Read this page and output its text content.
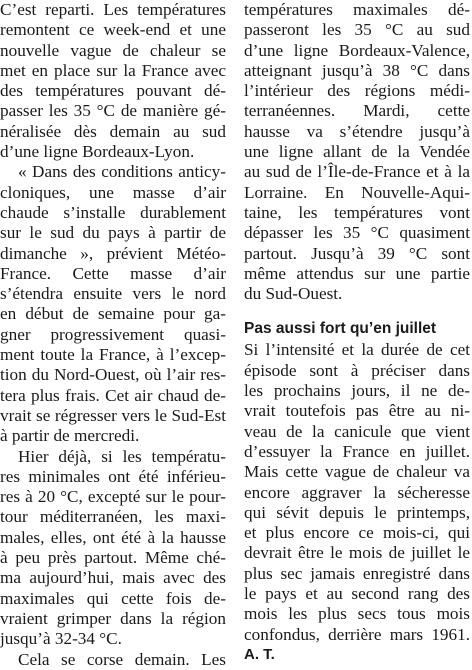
C’est reparti. Les températures
remontent ce week-end et une
nouvelle vague de chaleur se
met en place sur la France avec
des températures pouvant dé-
passer les 35 °C de manière gé-
néralisée dès demain au sud
d’une ligne Bordeaux-Lyon.
« Dans des conditions anticy-
cloniques, une masse d’air
chaude s’installe durablement
sur le sud du pays à partir de
dimanche », prévient Météo-
France. Cette masse d’air
s’étendra ensuite vers le nord
en début de semaine pour ga-
gner progressivement quasi-
ment toute la France, à l’excep-
tion du Nord-Ouest, où l’air res-
tera plus frais. Cet air chaud de-
vrait se régresser vers le Sud-Est
à partir de mercredi.
Hier déjà, si les températu-
res minimales ont été inférieu-
res à 20 °C, excepté sur le pour-
tour méditerranéen, les maxi-
males, elles, ont été à la hausse
à peu près partout. Même ché-
ma aujourd’hui, mais avec des
maximales qui cette fois de-
vraient grimper dans la région
jusqu’à 32-34 °C.
Cela se corse demain. Les
températures maximales dé-
passeront les 35 °C au sud
d’une ligne Bordeaux-Valence,
atteignant jusqu’à 38 °C dans
l’intérieur des régions médi-
terranéennes. Mardi, cette
hausse va s’étendre jusqu’à
une ligne allant de la Vendée
au sud de l’Île-de-France et à la
Lorraine. En Nouvelle-Aqui-
taine, les températures vont
dépasser les 35 °C quasiment
partout. Jusqu’à 39 °C sont
même attendus sur une partie
du Sud-Ouest.
Pas aussi fort qu’en juillet
Si l’intensité et la durée de cet
épisode sont à préciser dans
les prochains jours, il ne de-
vrait toutefois pas être au ni-
veau de la canicule que vient
d’essuyer la France en juillet.
Mais cette vague de chaleur va
encore aggraver la sécheresse
qui sévit depuis le printemps,
et plus encore ce mois-ci, qui
devrait être le mois de juillet le
plus sec jamais enregistré dans
le pays et au second rang des
mois les plus secs tous mois
confondus, derrière mars 1961.
A. T.
